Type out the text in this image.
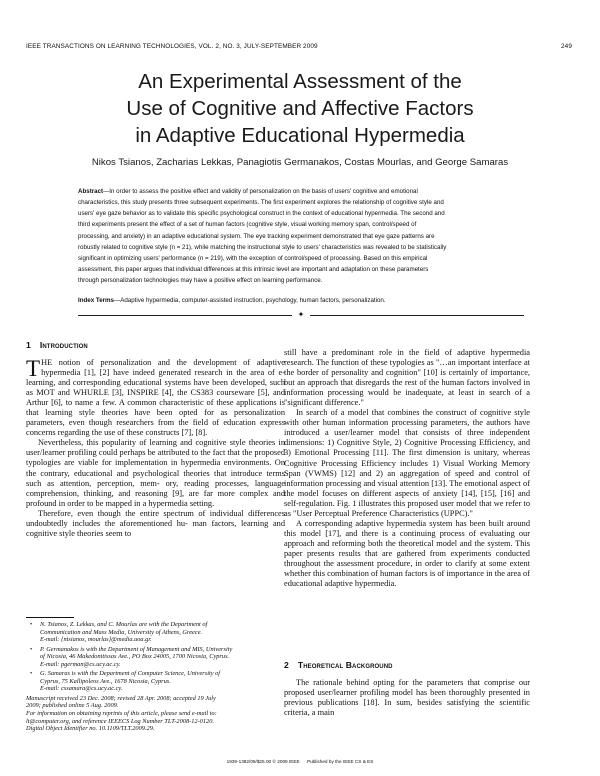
IEEE TRANSACTIONS ON LEARNING TECHNOLOGIES, VOL. 2, NO. 3, JULY-SEPTEMBER 2009	249
An Experimental Assessment of the
Use of Cognitive and Affective Factors
in Adaptive Educational Hypermedia
Nikos Tsianos, Zacharias Lekkas, Panagiotis Germanakos, Costas Mourlas, and George Samaras
Abstract—In order to assess the positive effect and validity of personalization on the basis of users' cognitive and emotional
characteristics, this study presents three subsequent experiments. The first experiment explores the relationship of cognitive style and
users' eye gaze behavior as to validate this specific psychological construct in the context of educational hypermedia. The second and
third experiments present the effect of a set of human factors (cognitive style, visual working memory span, control/speed of
processing, and anxiety) in an adaptive educational system. The eye tracking experiment demonstrated that eye gaze patterns are
robustly related to cognitive style (n = 21), while matching the instructional style to users' characteristics was revealed to be statistically
significant in optimizing users' performance (n = 219), with the exception of control/speed of processing. Based on this empirical
assessment, this paper argues that individual differences at this intrinsic level are important and adaptation on these parameters
through personalization technologies may have a positive effect on learning performance.
Index Terms—Adaptive hypermedia, computer-assisted instruction, psychology, human factors, personalization.
✦
1 Introduction

THE notion of personalization and the development of adaptive hypermedia [1], [2] have indeed generated research in the area of e-learning, and corresponding educational systems have been developed, such as MOT and WHURLE [3], INSPIRE [4], the CS383 courseware [5], and Arthur [6], to name a few. A common characteristic of these applications is that learning style theories have been opted for as personalization parameters, even though researchers from the field of education express concerns regarding the use of these constructs [7], [8].

Nevertheless, this popularity of learning and cognitive style theories in user/learner profiling could perhaps be attributed to the fact that the proposed typologies are viable for implementation in hypermedia environments. On the contrary, educational and psychological theories that introduce terms such as attention, perception, mem- ory, reading processes, language comprehension, thinking, and reasoning [9], are far more complex and profound in order to be mapped in a hypermedia setting.

Therefore, even though the entire spectrum of individual differences undoubtedly includes the aforementioned hu- man factors, learning and cognitive style theories seem to

still have a predominant role in the field of adaptive hypermedia research. The function of these typologies as "…an important interface at the border of personality and cognition" [10] is certainly of importance, but an approach that disregards the rest of the human factors involved in information processing would be inadequate, at least in search of a "significant difference."

In search of a model that combines the construct of cognitive style with other human information processing parameters, the authors have introduced a user/learner model that consists of three independent dimensions: 1) Cognitive Style, 2) Cognitive Processing Efficiency, and 3) Emotional Processing [11]. The first dimension is unitary, whereas Cognitive Processing Efficiency includes 1) Visual Working Memory Span (VWMS) [12] and 2) an aggregation of speed and control of information processing and visual attention [13]. The emotional aspect of the model focuses on different aspects of anxiety [14], [15], [16] and self-regulation. Fig. 1 illustrates this proposed user model that we refer to as "User Perceptual Preference Characteristics (UPPC)."

A corresponding adaptive hypermedia system has been built around this model [17], and there is a continuing process of evaluating our approach and reforming both the theoretical model and the system. This paper presents results that are gathered from experiments conducted throughout the assessment procedure, in order to clarify at some extent whether this combination of human factors is of importance in the area of educational adaptive hypermedia.

2 Theoretical Background

The rationale behind opting for the parameters that comprise our proposed user/learner profiling model has been thoroughly presented in previous publications [18]. In sum, besides satisfying the scientific criteria, a main

• N. Tsianos, Z. Lekkas, and C. Mourlas are with the Department of
Communication and Mass Media, University of Athens, Greece.
E-mail: {ntsianos, mourlas}@media.uoa.gr.
• P. Germanakos is with the Department of Management and MIS, University
of Nicosia, 46 Makedonitissas Ave., PO Box 24005, 1700 Nicosia, Cyprus.
E-mail: pgerman@cs.ucy.ac.cy.
• G. Samaras is with the Department of Computer Science, University of
Cyprus, 75 Kallipoleos Ave., 1678 Nicosia, Cyprus.
E-mail: cssamara@cs.ucy.ac.cy.
Manuscript received 23 Dec. 2008; revised 28 Apr. 2008; accepted 19 July
2009; published online 5 Aug. 2009.
For information on obtaining reprints of this article, please send e-mail to:
lt@computer.org, and reference IEEECS Log Number TLT-2008-12-0120.
Digital Object Identifier no. 10.1109/TLT.2009.29.
1939-1382/09/$25.00 © 2009 IEEE Published by the IEEE CS & ES
